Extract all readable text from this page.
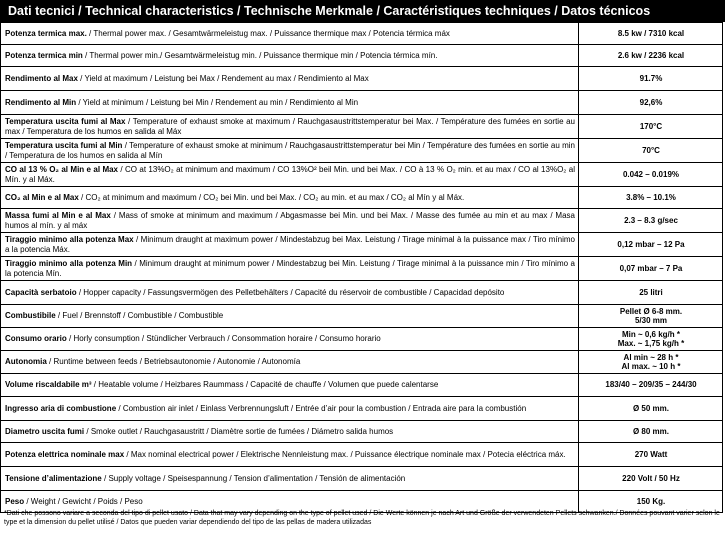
Dati tecnici / Technical characteristics / Technische Merkmale / Caractéristiques techniques / Datos técnicos
Potenza termica max. / Thermal power max. / Gesamtwärmeleistug max. / Puissance thermique max / Potencia térmica máx	8.5 kw / 7310 kcal
Potenza termica min / Thermal power min./ Gesamtwärmeleistug min. / Puissance thermique min / Potencia térmica mín.	2.6 kw / 2236 kcal
Rendimento al Max / Yield at maximum / Leistung bei Max / Rendement au max / Rendimiento al Max	91.7%
Rendimento al Min / Yield at minimum / Leistung bei Min / Rendement au min / Rendimiento al Min	92,6%
Temperatura uscita fumi al Max / Temperature of exhaust smoke at maximum / Rauchgasaustrittstemperatur bei Max. / Température des fumées en sortie au max / Temperatura de los humos en salida al Máx	170°C
Temperatura uscita fumi al Min / Temperature of exhaust smoke at minimum / Rauchgasaustrittstemperatur bei Min / Température des fumées en sortie au min / Temperatura de los humos en salida al Mín	70°C
CO al 13 % O₂ al Min e al Max / CO at 13%O₂ at minimum and maximum / CO 13%O² beil Min. und bei Max. / CO à 13 % O₂ min. et au max / CO al 13%O₂ al Mín. y al Máx.	0.042 – 0.019%
CO₂ al Min e al Max / CO₂ at minimum and maximum / CO₂ bei Min. und bei Max. / CO₂ au min. et au max / CO₂ al Mín y al Máx.	3.8% – 10.1%
Massa fumi al Min e al Max / Mass of smoke at minimum and maximum / Abgasmasse bei Min. und bei Max. / Masse des fumée au min et au max / Masa humos al mín. y al máx	2.3 – 8.3 g/sec
Tiraggio minimo alla potenza Max / Minimum draught at maximum power / Mindestabzug bei Max. Leistung / Tirage minimal à la puissance max / Tiro mínimo a la potencia Máx.	0,12 mbar – 12 Pa
Tiraggio minimo alla potenza Min / Minimum draught at minimum power / Mindestabzug bei Min. Leistung / Tirage minimal à la puissance min / Tiro mínimo a la potencia Mín.	0,07 mbar – 7 Pa
Capacità serbatoio / Hopper capacity / Fassungsvermögen des Pelletbehälters / Capacité du réservoir de combustible / Capacidad depósito	25 litri
Combustibile / Fuel / Brennstoff / Combustible / Combustible	Pellet Ø 6-8 mm.
5/30 mm
Consumo orario / Horly consumption / Stündlicher Verbrauch / Consommation horaire / Consumo horario	Min ~ 0,6 kg/h *
Max. ~ 1,75 kg/h *
Autonomia / Runtime between feeds / Betriebsautonomie / Autonomie / Autonomía	Al min ~ 28 h *
Al max. ~ 10 h *
Volume riscaldabile m³ / Heatable volume / Heizbares Raummass / Capacité de chauffe / Volumen que puede calentarse	183/40 – 209/35 – 244/30
Ingresso aria di combustione / Combustion air inlet / Einlass Verbrennungsluft / Entrée d’air pour la combustion / Entrada aire para la combustión	Ø 50 mm.
Diametro uscita fumi / Smoke outlet / Rauchgasaustritt / Diamètre sortie de fumées / Diámetro salida humos	Ø 80 mm.
Potenza elettrica nominale max / Max nominal electrical power / Elektrische Nennleistung max. / Puissance électrique nominale max / Potecia eléctrica máx.	270 Watt
Tensione d’alimentazione / Supply voltage / Speisespannung / Tension d’alimentation / Tensión de alimentación	220 Volt / 50 Hz
Peso / Weight / Gewicht / Poids / Peso	150 Kg.
*Dati che possono variare a seconda del tipo di pellet usato / Data that may vary depending on the type of pellet used / Die Werte können je nach Art und Größe der verwendeten Pellets schwanken./ Données pouvant varier selon le type et la dimension du pellet utilisé / Datos que pueden variar dependiendo del tipo de las pellas de madera utilizadas
